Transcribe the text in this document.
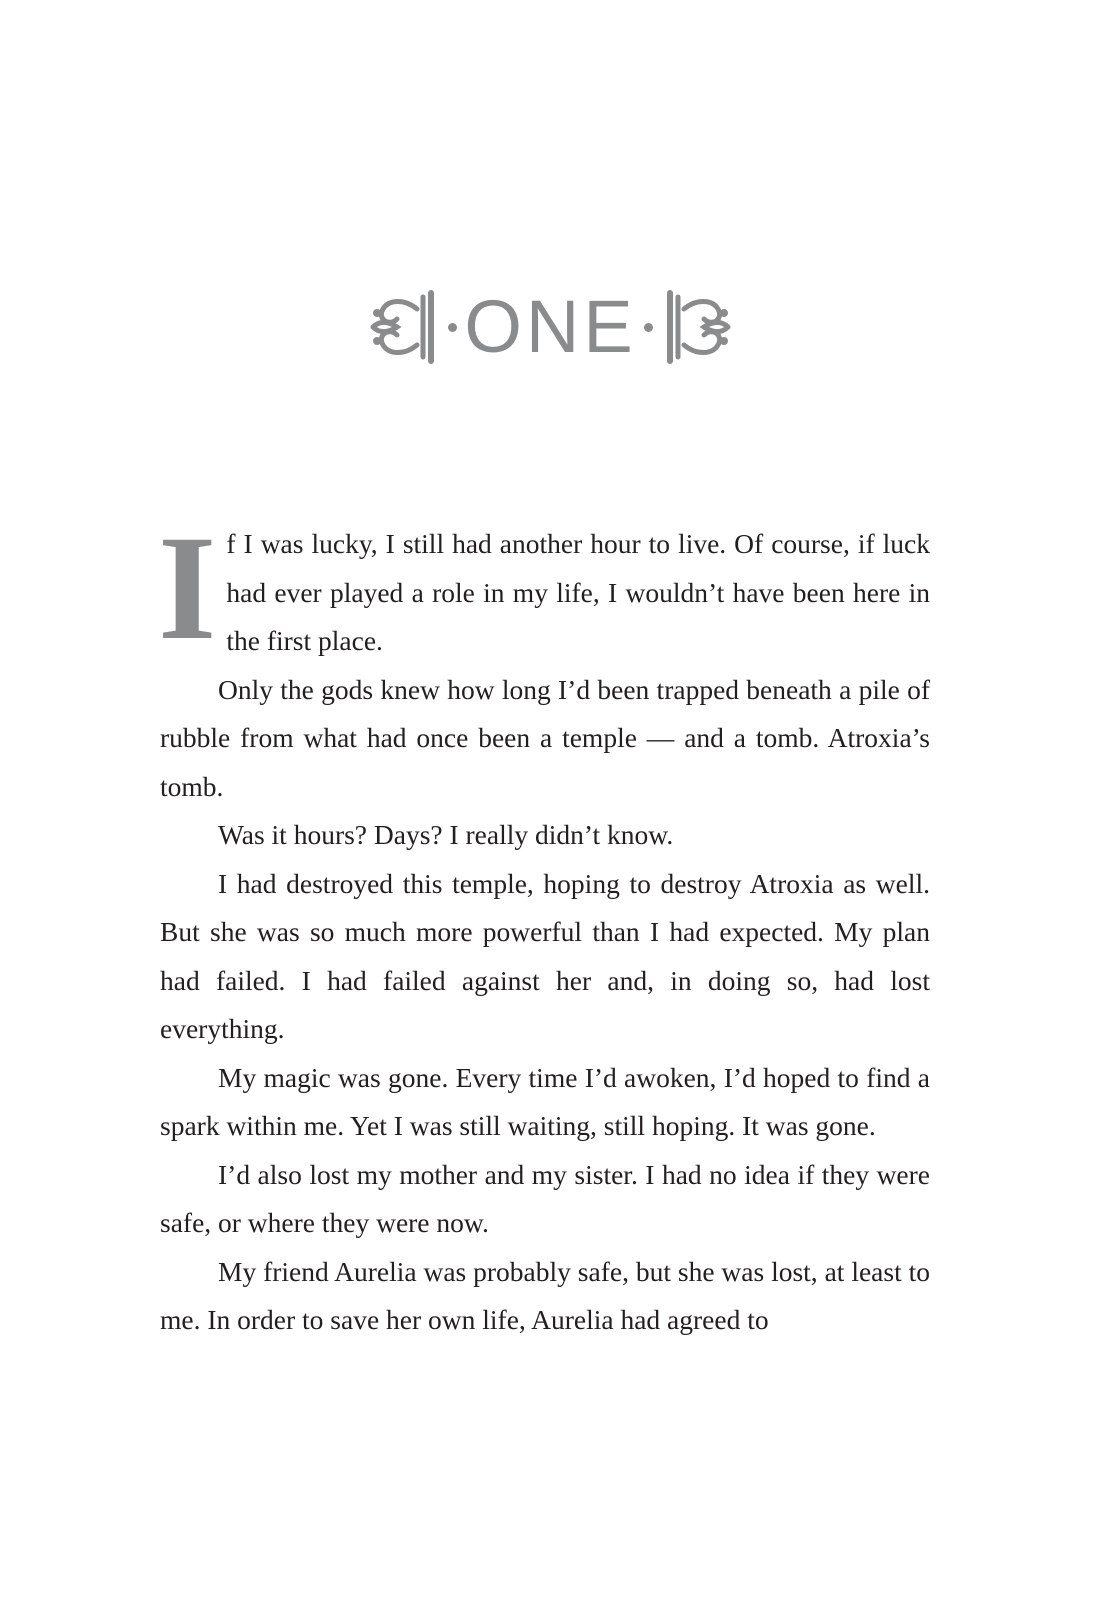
ONE

If I was lucky, I still had another hour to live. Of course, if luck had ever played a role in my life, I wouldn’t have been here in the first place.

Only the gods knew how long I’d been trapped beneath a pile of rubble from what had once been a temple — and a tomb. Atroxia’s tomb.

Was it hours? Days? I really didn’t know.

I had destroyed this temple, hoping to destroy Atroxia as well. But she was so much more powerful than I had expected. My plan had failed. I had failed against her and, in doing so, had lost everything.

My magic was gone. Every time I’d awoken, I’d hoped to find a spark within me. Yet I was still waiting, still hoping. It was gone.

I’d also lost my mother and my sister. I had no idea if they were safe, or where they were now.

My friend Aurelia was probably safe, but she was lost, at least to me. In order to save her own life, Aurelia had agreed to
